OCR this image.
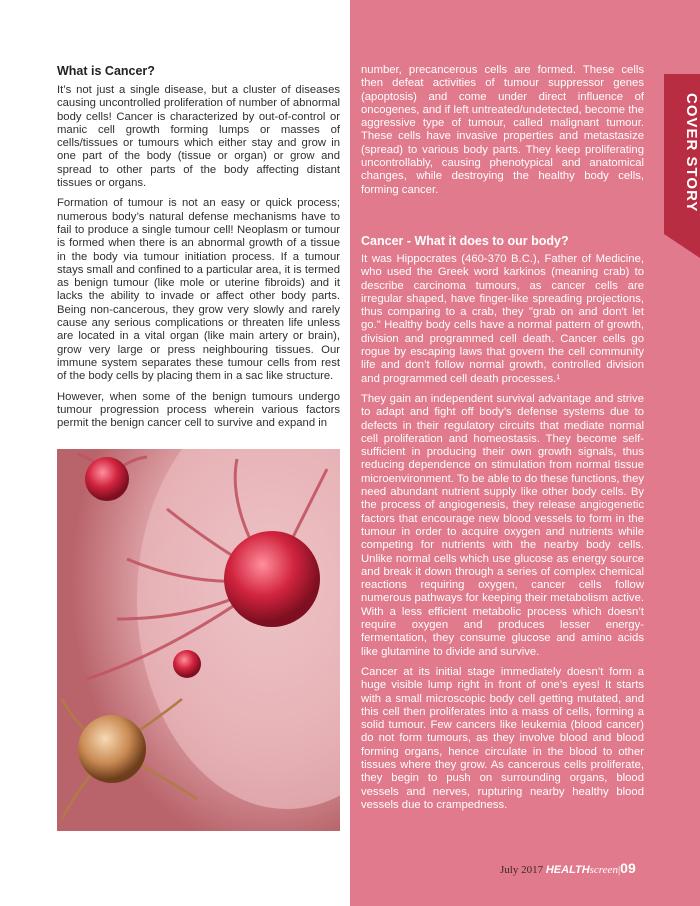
COVER STORY
What is Cancer?

It’s not just a single disease, but a cluster of diseases causing uncontrolled proliferation of number of abnormal body cells! Cancer is characterized by out-of-control or manic cell growth forming lumps or masses of cells/tissues or tumours which either stay and grow in one part of the body (tissue or organ) or grow and spread to other parts of the body affecting distant tissues or organs.

Formation of tumour is not an easy or quick process; numerous body’s natural defense mechanisms have to fail to produce a single tumour cell! Neoplasm or tumour is formed when there is an abnormal growth of a tissue in the body via tumour initiation process. If a tumour stays small and confined to a particular area, it is termed as benign tumour (like mole or uterine fibroids) and it lacks the ability to invade or affect other body parts. Being non-cancerous, they grow very slowly and rarely cause any serious complications or threaten life unless are located in a vital organ (like main artery or brain), grow very large or press neighbouring tissues. Our immune system separates these tumour cells from rest of the body cells by placing them in a sac like structure.

However, when some of the benign tumours undergo tumour progression process wherein various factors permit the benign cancer cell to survive and expand in

number, precancerous cells are formed. These cells then defeat activities of tumour suppressor genes (apoptosis) and come under direct influence of oncogenes, and if left untreated/undetected, become the aggressive type of tumour, called malignant tumour. These cells have invasive properties and metastasize (spread) to various body parts. They keep proliferating uncontrollably, causing phenotypical and anatomical changes, while destroying the healthy body cells, forming cancer.
Cancer - What it does to our body?

It was Hippocrates (460-370 B.C.), Father of Medicine, who used the Greek word karkinos (meaning crab) to describe carcinoma tumours, as cancer cells are irregular shaped, have finger-like spreading projections, thus comparing to a crab, they "grab on and don't let go." Healthy body cells have a normal pattern of growth, division and programmed cell death. Cancer cells go rogue by escaping laws that govern the cell community life and don’t follow normal growth, controlled division and programmed cell death processes.¹

They gain an independent survival advantage and strive to adapt and fight off body’s defense systems due to defects in their regulatory circuits that mediate normal cell proliferation and homeostasis. They become self-sufficient in producing their own growth signals, thus reducing dependence on stimulation from normal tissue microenvironment. To be able to do these functions, they need abundant nutrient supply like other body cells. By the process of angiogenesis, they release angiogenetic factors that encourage new blood vessels to form in the tumour in order to acquire oxygen and nutrients while competing for nutrients with the nearby body cells. Unlike normal cells which use glucose as energy source and break it down through a series of complex chemical reactions requiring oxygen, cancer cells follow numerous pathways for keeping their metabolism active. With a less efficient metabolic process which doesn’t require oxygen and produces lesser energy- fermentation, they consume glucose and amino acids like glutamine to divide and survive.

Cancer at its initial stage immediately doesn’t form a huge visible lump right in front of one’s eyes! It starts with a small microscopic body cell getting mutated, and this cell then proliferates into a mass of cells, forming a solid tumour. Few cancers like leukemia (blood cancer) do not form tumours, as they involve blood and blood forming organs, hence circulate in the blood to other tissues where they grow. As cancerous cells proliferate, they begin to push on surrounding organs, blood vessels and nerves, rupturing nearby healthy blood vessels due to crampedness.

July 2017 HEALTHscreen|09
